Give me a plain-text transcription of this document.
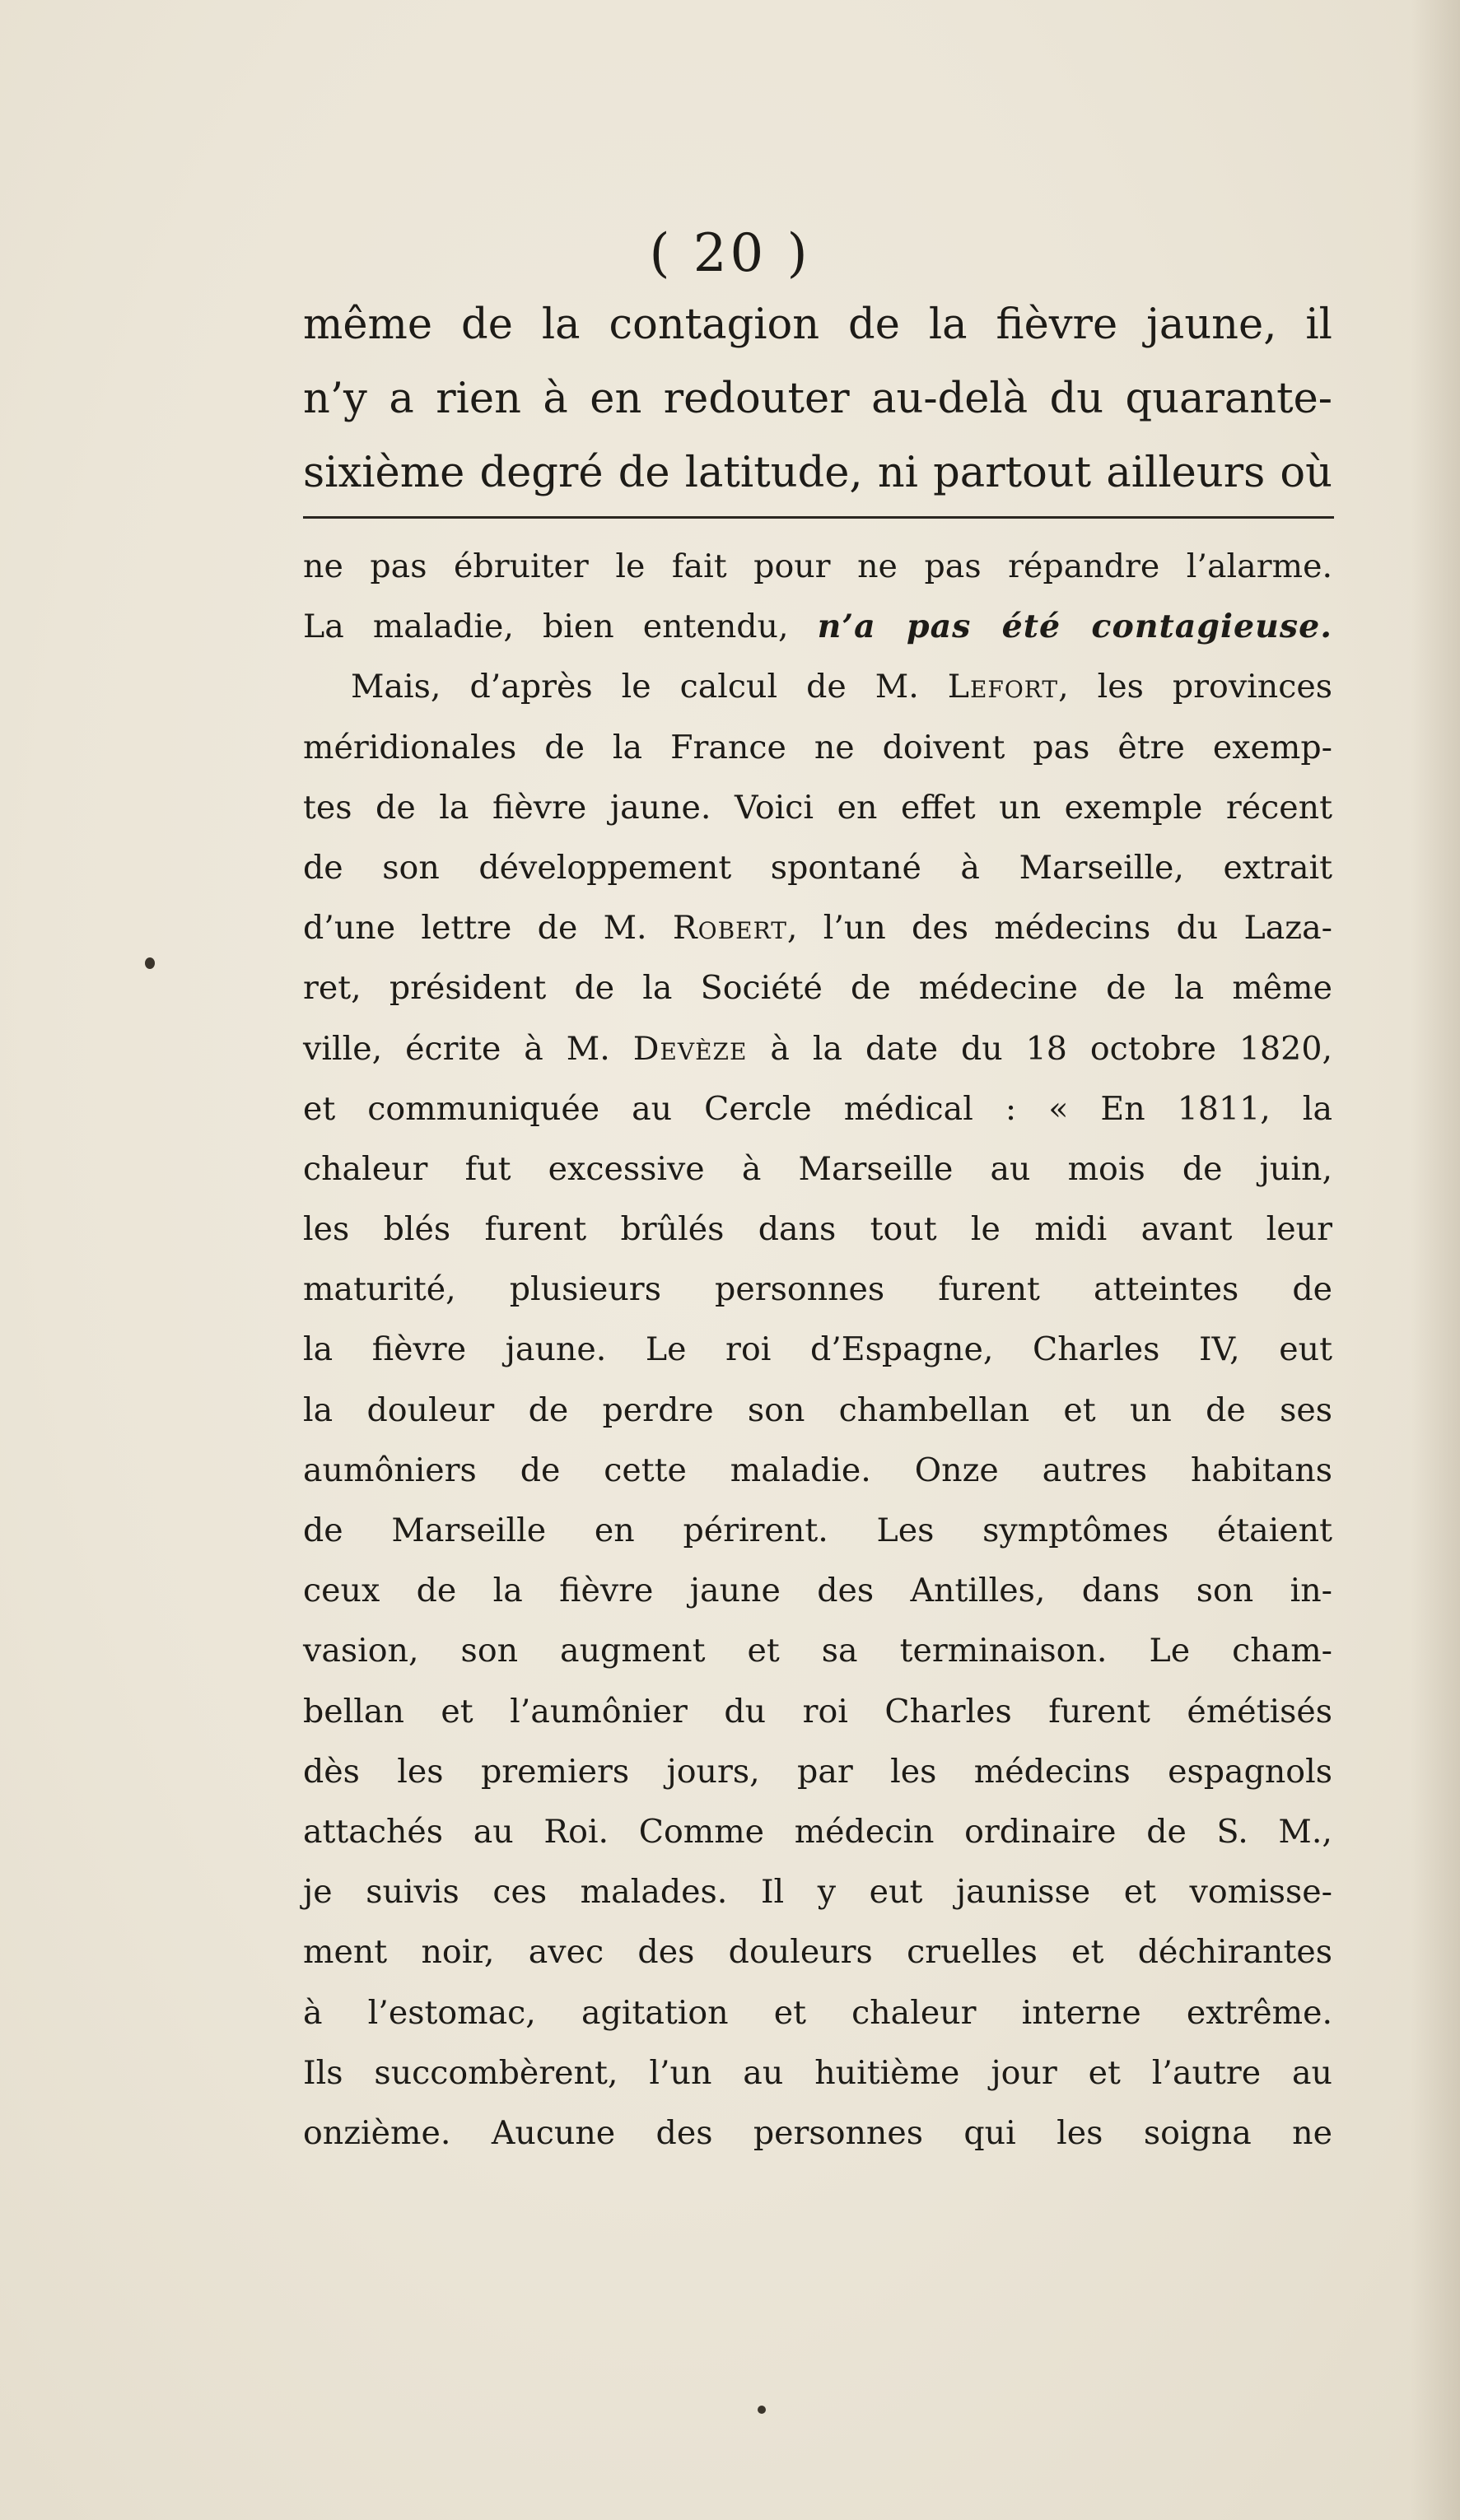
( 20 )
même de la contagion de la fièvre jaune, il
n’y a rien à en redouter au-delà du quarante-
sixième degré de latitude, ni partout ailleurs où
ne pas ébruiter le fait pour ne pas répandre l’alarme.
La maladie, bien entendu, n’a pas été contagieuse.
Mais, d’après le calcul de M. Lefort, les provinces
méridionales de la France ne doivent pas être exemp-
tes de la fièvre jaune. Voici en effet un exemple récent
de son développement spontané à Marseille, extrait
d’une lettre de M. Robert, l’un des médecins du Laza-
ret, président de la Société de médecine de la même
ville, écrite à M. Devèze à la date du 18 octobre 1820,
et communiquée au Cercle médical : « En 1811, la
chaleur fut excessive à Marseille au mois de juin,
les blés furent brûlés dans tout le midi avant leur
maturité, plusieurs personnes furent atteintes de
la fièvre jaune. Le roi d’Espagne, Charles IV, eut
la douleur de perdre son chambellan et un de ses
aumôniers de cette maladie. Onze autres habitans
de Marseille en périrent. Les symptômes étaient
ceux de la fièvre jaune des Antilles, dans son in-
vasion, son augment et sa terminaison. Le cham-
bellan et l’aumônier du roi Charles furent émétisés
dès les premiers jours, par les médecins espagnols
attachés au Roi. Comme médecin ordinaire de S. M.,
je suivis ces malades. Il y eut jaunisse et vomisse-
ment noir, avec des douleurs cruelles et déchirantes
à l’estomac, agitation et chaleur interne extrême.
Ils succombèrent, l’un au huitième jour et l’autre au
onzième. Aucune des personnes qui les soigna ne
